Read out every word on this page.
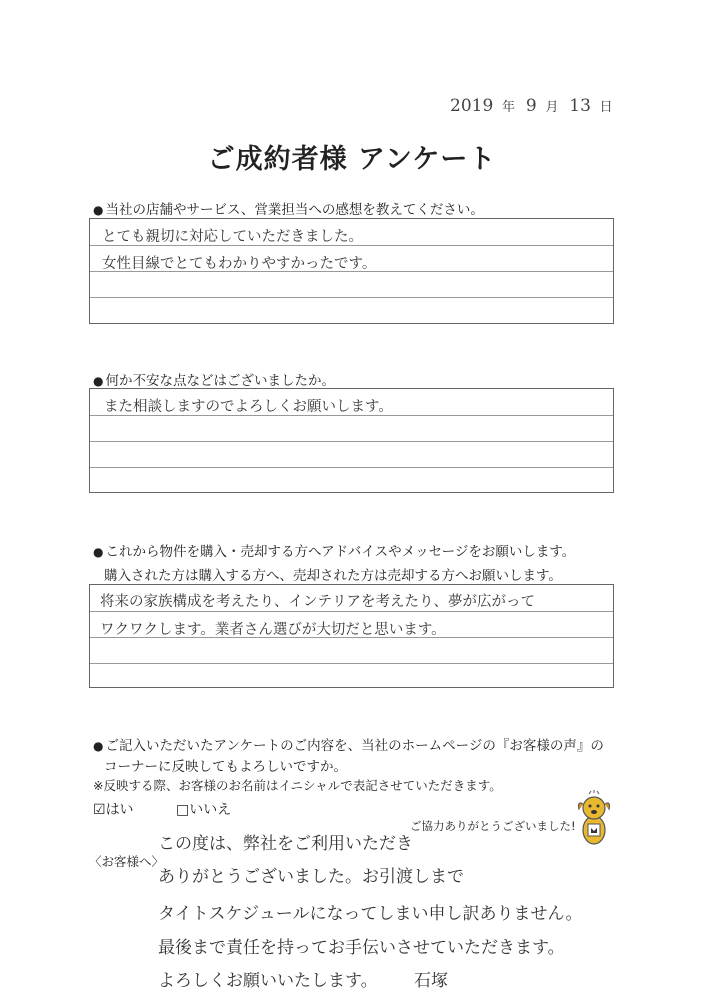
2019 年 9 月 13 日
ご成約者様 アンケート
● 当社の店舗やサービス、営業担当への感想を教えてください。
とても親切に対応していただきました。
女性目線でとてもわかりやすかったです。
● 何か不安な点などはございましたか。
また相談しますのでよろしくお願いします。
● これから物件を購入・売却する方へアドバイスやメッセージをお願いします。
購入された方は購入する方へ、売却された方は売却する方へお願いします。
将来の家族構成を考えたり、インテリアを考えたり、夢が広がって
ワクワクします。業者さん選びが大切だと思います。
● ご記入いただいたアンケートのご内容を、当社のホームページの『お客様の声』の
コーナーに反映してもよろしいですか。
※反映する際、お客様のお名前はイニシャルで表記させていただきます。
☑はい	□いいえ
ご協力ありがとうございました!
〈お客様へ〉
この度は、弊社をご利用いただき
ありがとうございました。お引渡しまで
タイトスケジュールになってしまい申し訳ありません。
最後まで責任を持ってお手伝いさせていただきます。
よろしくお願いいたします。 石塚
